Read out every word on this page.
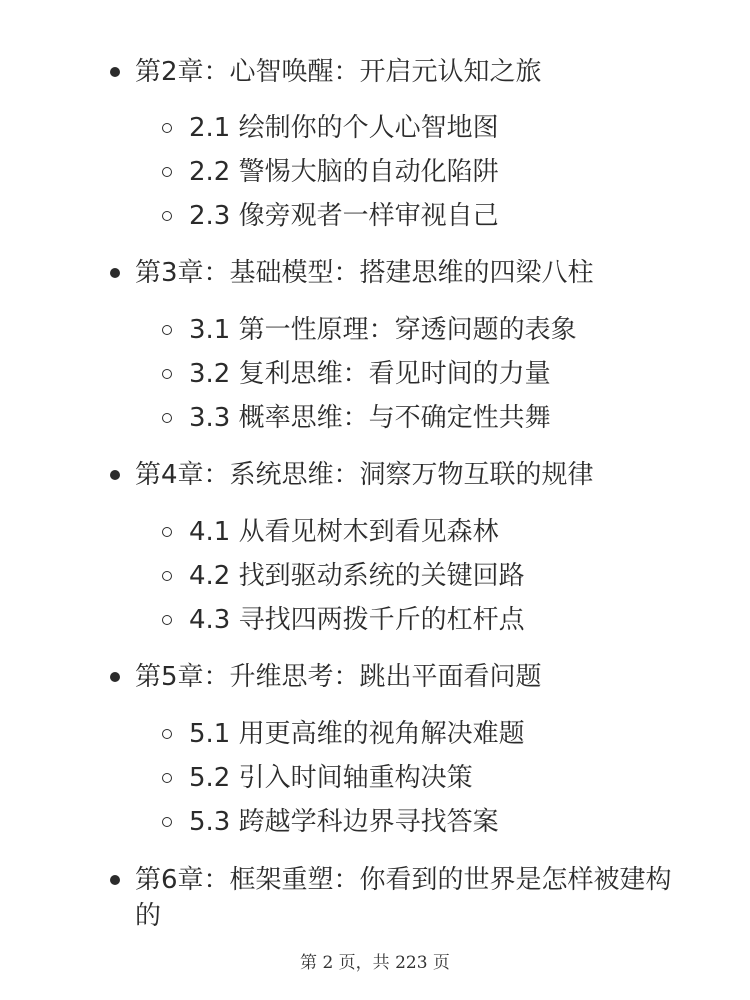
第2章：心智唤醒：开启元认知之旅
2.1 绘制你的个人心智地图
2.2 警惕大脑的自动化陷阱
2.3 像旁观者一样审视自己
第3章：基础模型：搭建思维的四梁八柱
3.1 第一性原理：穿透问题的表象
3.2 复利思维：看见时间的力量
3.3 概率思维：与不确定性共舞
第4章：系统思维：洞察万物互联的规律
4.1 从看见树木到看见森林
4.2 找到驱动系统的关键回路
4.3 寻找四两拨千斤的杠杆点
第5章：升维思考：跳出平面看问题
5.1 用更高维的视角解决难题
5.2 引入时间轴重构决策
5.3 跨越学科边界寻找答案
第6章：框架重塑：你看到的世界是怎样被建构的
第 2 页，共 223 页
